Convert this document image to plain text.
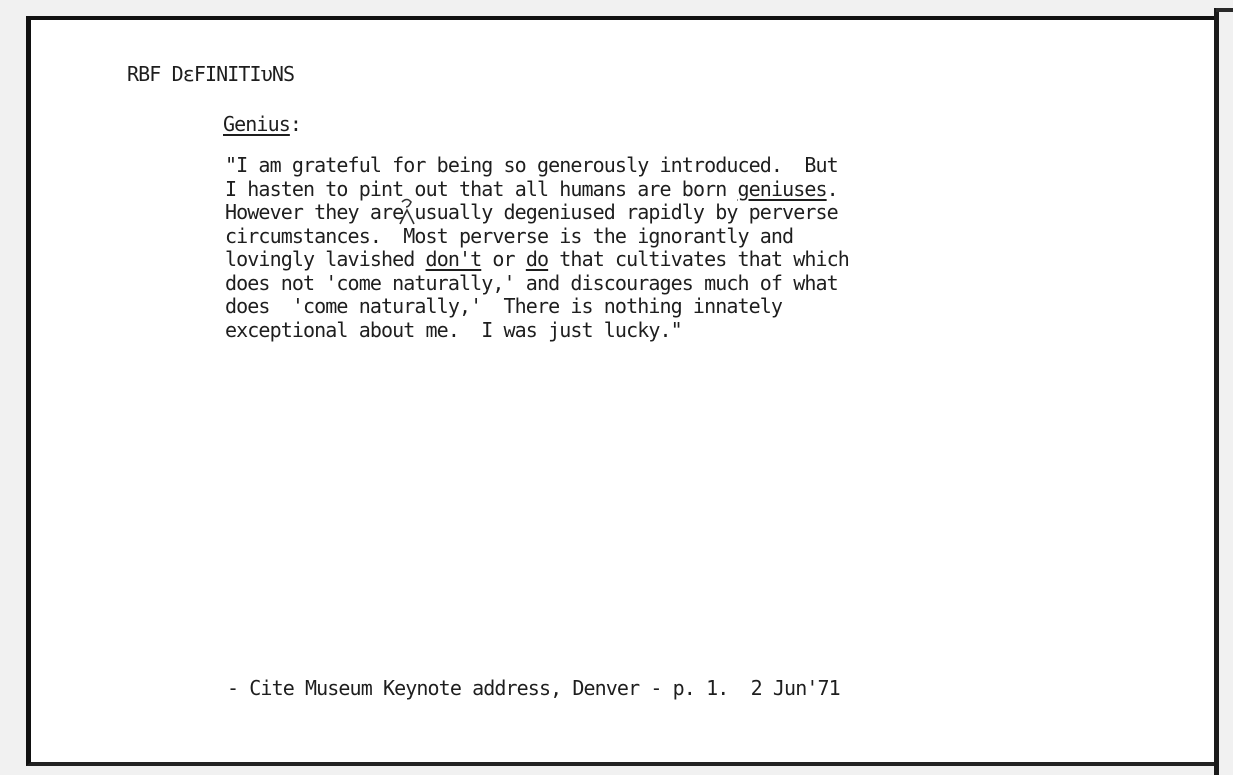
RBF DεFINITIυNS

Genius:

"I am grateful for being so generously introduced.  But
I hasten to pint out that all humans are born geniuses.
However they are usually degeniused rapidly by perverse
circumstances.  Most perverse is the ignorantly and
lovingly lavished don't or do that cultivates that which
does not 'come naturally,' and discourages much of what
does  'come naturally,'  There is nothing innately
exceptional about me.  I was just lucky."

- Cite Museum Keynote address, Denver - p. 1.  2 Jun'71
